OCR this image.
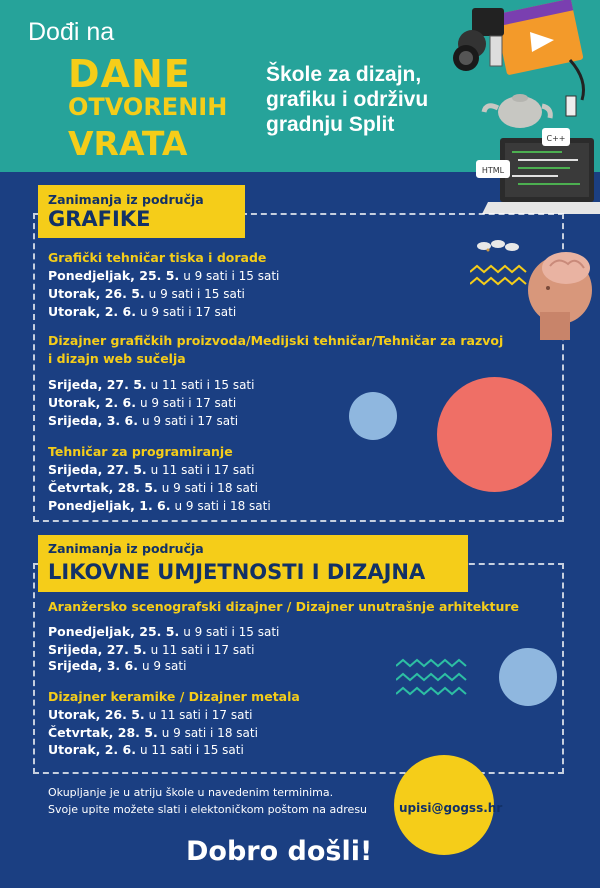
Dođi na
DANE
OTVORENIH
VRATA
Škole za dizajn,
grafiku i održivu
gradnju Split
HTML
C++
Zanimanja iz područja
GRAFIKE
Grafički tehničar tiska i dorade
Ponedjeljak, 25. 5. u 9 sati i 15 sati
Utorak, 26. 5. u 9 sati i 15 sati
Utorak, 2. 6. u 9 sati i 17 sati
Dizajner grafičkih proizvoda/Medijski tehničar/Tehničar za razvoj
i dizajn web sučelja
Srijeda, 27. 5. u 11 sati i 15 sati
Utorak, 2. 6. u 9 sati i 17 sati
Srijeda, 3. 6. u 9 sati i 17 sati
Tehničar za programiranje
Srijeda, 27. 5. u 11 sati i 17 sati
Četvrtak, 28. 5. u 9 sati i 18 sati
Ponedjeljak, 1. 6. u 9 sati i 18 sati
Zanimanja iz područja
LIKOVNE UMJETNOSTI I DIZAJNA
Aranžersko scenografski dizajner / Dizajner unutrašnje arhitekture
Ponedjeljak, 25. 5. u 9 sati i 15 sati
Srijeda, 27. 5. u 11 sati i 17 sati
Srijeda, 3. 6. u 9 sati
Dizajner keramike / Dizajner metala
Utorak, 26. 5. u 11 sati i 17 sati
Četvrtak, 28. 5. u 9 sati i 18 sati
Utorak, 2. 6. u 11 sati i 15 sati
Okupljanje je u atriju škole u navedenim terminima.
Svoje upite možete slati i elektoničkom poštom na adresu	upisi@gogss.hr
Dobro došli!
